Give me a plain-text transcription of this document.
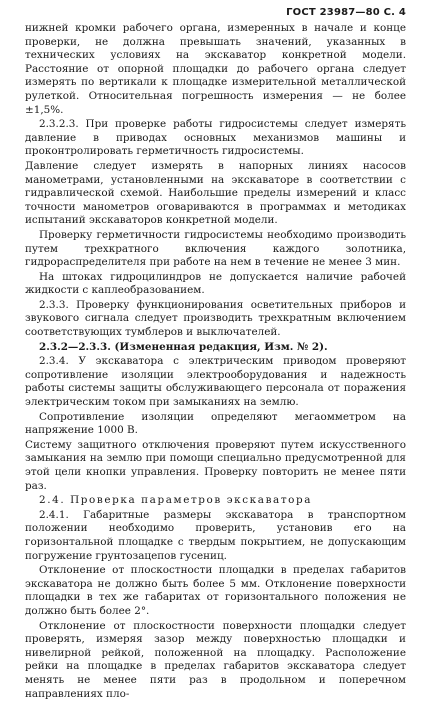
ГОСТ 23987—80 С. 4

нижней кромки рабочего органа, измеренных в начале и конце проверки, не должна превышать значений, указанных в технических условиях на экскаватор конкретной модели. Расстояние от опорной площадки до рабочего органа следует измерять по вертикали к площадке измерительной металлической рулеткой. Относительная погрешность измерения — не более ±1,5%.

2.3.2.3. При проверке работы гидросистемы следует измерять давление в приводах основных механизмов машины и проконтролировать герметичность гидросистемы.

Давление следует измерять в напорных линиях насосов манометрами, установленными на экскаваторе в соответствии с гидравлической схемой. Наибольшие пределы измерений и класс точности манометров оговариваются в программах и методиках испытаний экскаваторов конкретной модели.

Проверку герметичности гидросистемы необходимо производить путем трехкратного включения каждого золотника, гидрораспределителя при работе на нем в течение не менее 3 мин.

На штоках гидроцилиндров не допускается наличие рабочей жидкости с каплеобразованием.

2.3.3. Проверку функционирования осветительных приборов и звукового сигнала следует производить трехкратным включением соответствующих тумблеров и выключателей.

2.3.2—2.3.3. (Измененная редакция, Изм. № 2).

2.3.4. У экскаватора с электрическим приводом проверяют сопротивление изоляции электрооборудования и надежность работы системы защиты обслуживающего персонала от поражения электрическим током при замыканиях на землю.

Сопротивление изоляции определяют мегаомметром на напряжение 1000 В.

Систему защитного отключения проверяют путем искусственного замыкания на землю при помощи специально предусмотренной для этой цели кнопки управления. Проверку повторить не менее пяти раз.

2.4. Проверка параметров экскаватора

2.4.1. Габаритные размеры экскаватора в транспортном положении необходимо проверить, установив его на горизонтальной площадке с твердым покрытием, не допускающим погружение грунтозацепов гусениц.

Отклонение от плоскостности площадки в пределах габаритов экскаватора не должно быть более 5 мм. Отклонение поверхности площадки в тех же габаритах от горизонтального положения не должно быть более 2°.

Отклонение от плоскостности поверхности площадки следует проверять, измеряя зазор между поверхностью площадки и нивелирной рейкой, положенной на площадку. Расположение рейки на площадке в пределах габаритов экскаватора следует менять не менее пяти раз в продольном и поперечном направлениях пло-
